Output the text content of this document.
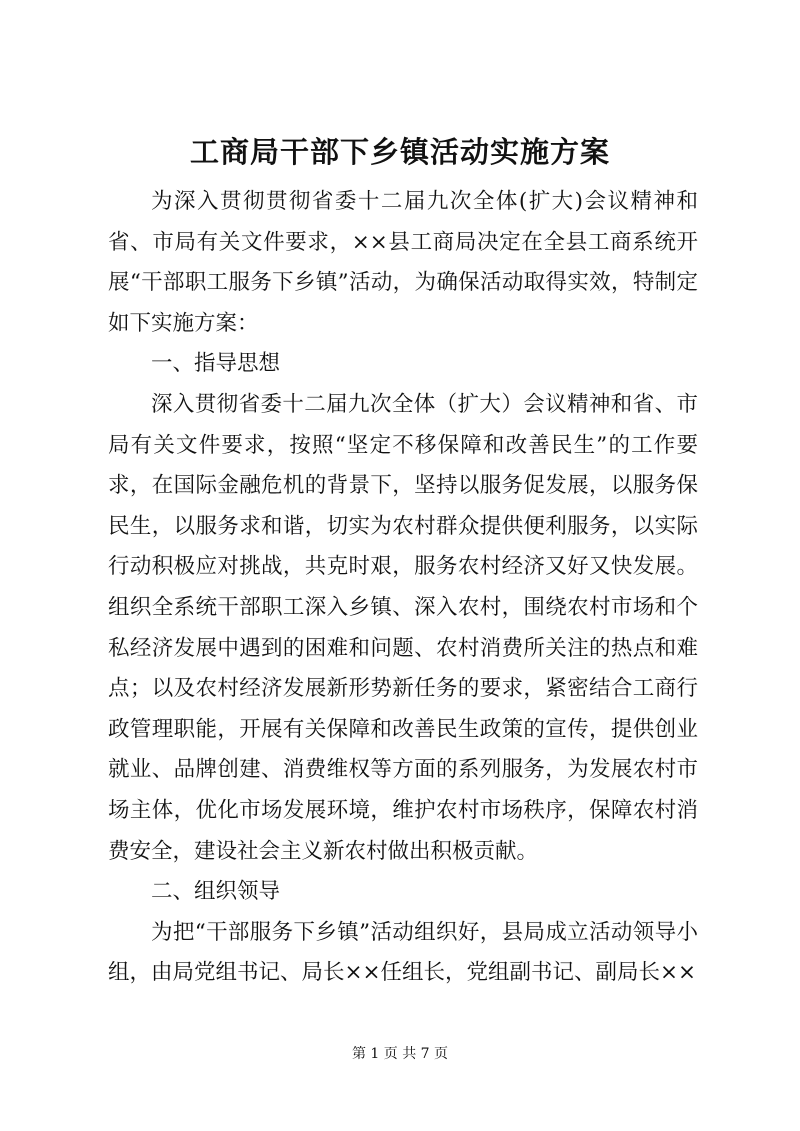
工商局干部下乡镇活动实施方案

为深入贯彻贯彻省委十二届九次全体(扩大)会议精神和省、市局有关文件要求，××县工商局决定在全县工商系统开展“干部职工服务下乡镇”活动，为确保活动取得实效，特制定如下实施方案：

一、指导思想

深入贯彻省委十二届九次全体（扩大）会议精神和省、市局有关文件要求，按照“坚定不移保障和改善民生”的工作要求，在国际金融危机的背景下，坚持以服务促发展，以服务保民生，以服务求和谐，切实为农村群众提供便利服务，以实际行动积极应对挑战，共克时艰，服务农村经济又好又快发展。组织全系统干部职工深入乡镇、深入农村，围绕农村市场和个私经济发展中遇到的困难和问题、农村消费所关注的热点和难点；以及农村经济发展新形势新任务的要求，紧密结合工商行政管理职能，开展有关保障和改善民生政策的宣传，提供创业就业、品牌创建、消费维权等方面的系列服务，为发展农村市场主体，优化市场发展环境，维护农村市场秩序，保障农村消费安全，建设社会主义新农村做出积极贡献。

二、组织领导

为把“干部服务下乡镇”活动组织好，县局成立活动领导小组，由局党组书记、局长××任组长，党组副书记、副局长××

第 1 页 共 7 页
